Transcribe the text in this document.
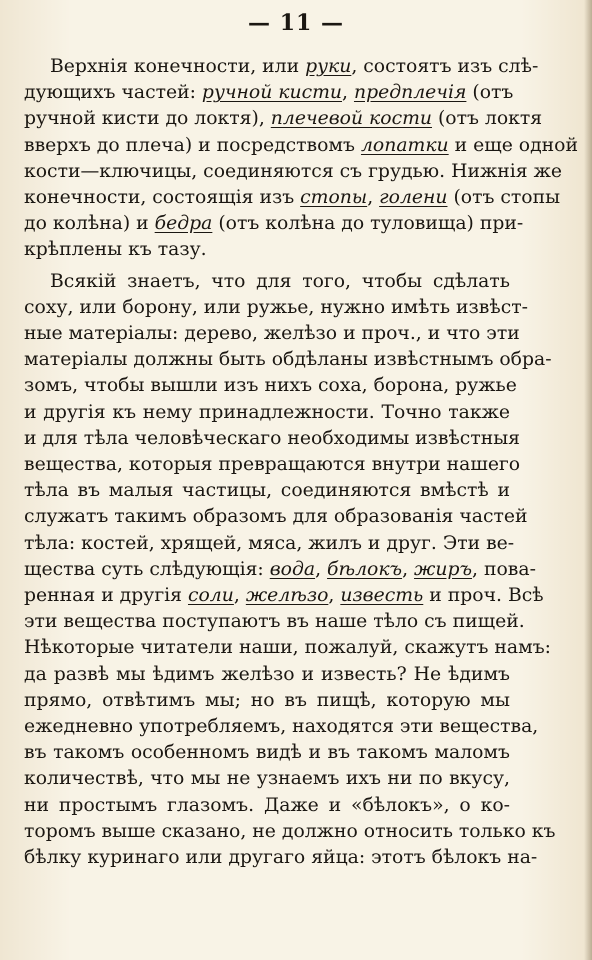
— 11 —
Верхнія конечности, или руки, состоятъ изъ слѣ-
дующихъ частей: ручной кисти, предплечія (отъ
ручной кисти до локтя), плечевой кости (отъ локтя
вверхъ до плеча) и посредствомъ лопатки и еще одной
кости—ключицы, соединяются съ грудью. Нижнія же
конечности, состоящія изъ стопы, голени (отъ стопы
до колѣна) и бедра (отъ колѣна до туловища) при-
крѣплены къ тазу.
Всякій знаетъ, что для того, чтобы сдѣлать
соху, или борону, или ружье, нужно имѣть извѣст-
ные матеріалы: дерево, желѣзо и проч., и что эти
матеріалы должны быть обдѣланы извѣстнымъ обра-
зомъ, чтобы вышли изъ нихъ соха, борона, ружье
и другія къ нему принадлежности. Точно также
и для тѣла человѣческаго необходимы извѣстныя
вещества, которыя превращаются внутри нашего
тѣла въ малыя частицы, соединяются вмѣстѣ и
служатъ такимъ образомъ для образованія частей
тѣла: костей, хрящей, мяса, жилъ и друг. Эти ве-
щества суть слѣдующія: вода, бѣлокъ, жиръ, пова-
ренная и другія соли, желѣзо, известь и проч. Всѣ
эти вещества поступаютъ въ наше тѣло съ пищей.
Нѣкоторые читатели наши, пожалуй, скажутъ намъ:
да развѣ мы ѣдимъ желѣзо и известь? Не ѣдимъ
прямо, отвѣтимъ мы; но въ пищѣ, которую мы
ежедневно употребляемъ, находятся эти вещества,
въ такомъ особенномъ видѣ и въ такомъ маломъ
количествѣ, что мы не узнаемъ ихъ ни по вкусу,
ни простымъ глазомъ. Даже и «бѣлокъ», о ко-
торомъ выше сказано, не должно относить только къ
бѣлку куринаго или другаго яйца: этотъ бѣлокъ на-
